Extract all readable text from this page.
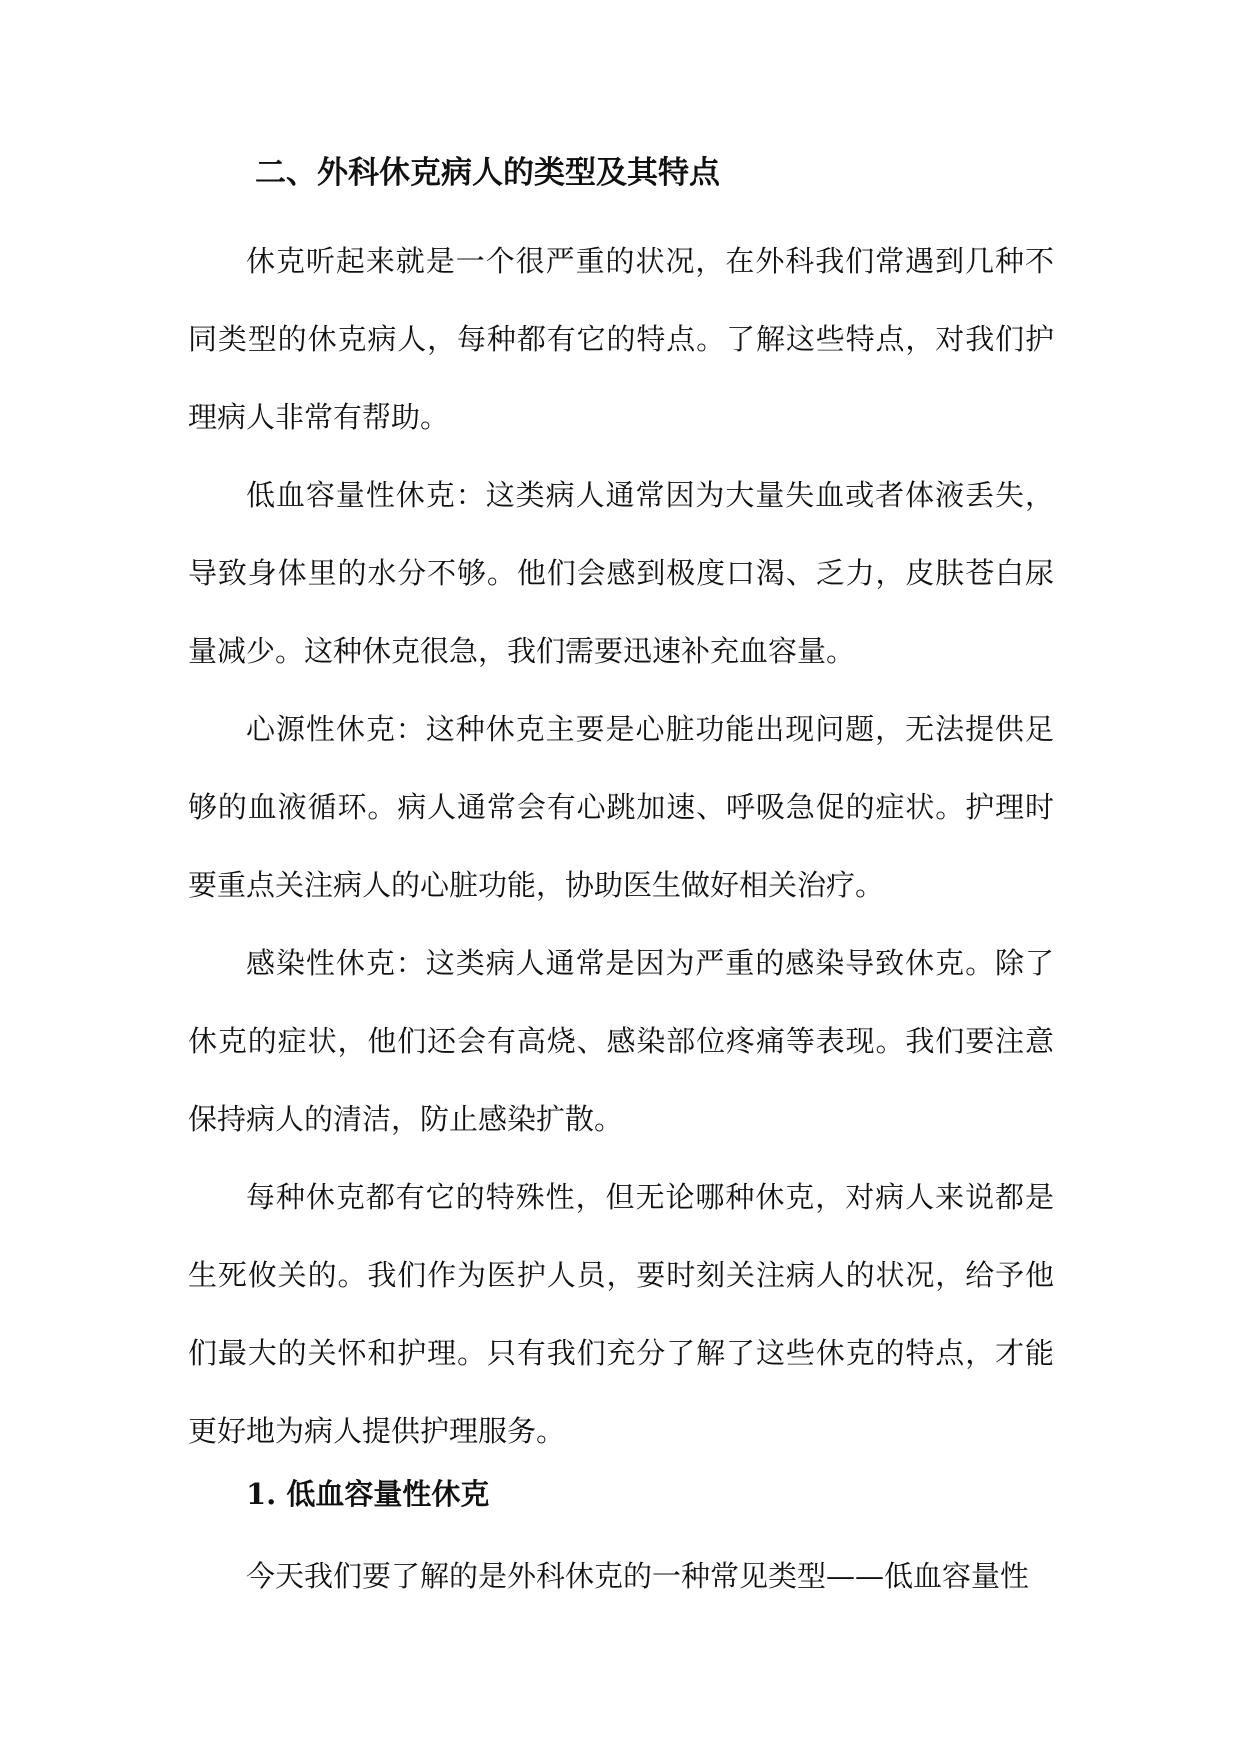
二、外科休克病人的类型及其特点

休克听起来就是一个很严重的状况，在外科我们常遇到几种不同类型的休克病人，每种都有它的特点。了解这些特点，对我们护理病人非常有帮助。

低血容量性休克：这类病人通常因为大量失血或者体液丢失，导致身体里的水分不够。他们会感到极度口渴、乏力，皮肤苍白尿量减少。这种休克很急，我们需要迅速补充血容量。

心源性休克：这种休克主要是心脏功能出现问题，无法提供足够的血液循环。病人通常会有心跳加速、呼吸急促的症状。护理时要重点关注病人的心脏功能，协助医生做好相关治疗。

感染性休克：这类病人通常是因为严重的感染导致休克。除了休克的症状，他们还会有高烧、感染部位疼痛等表现。我们要注意保持病人的清洁，防止感染扩散。

每种休克都有它的特殊性，但无论哪种休克，对病人来说都是生死攸关的。我们作为医护人员，要时刻关注病人的状况，给予他们最大的关怀和护理。只有我们充分了解了这些休克的特点，才能更好地为病人提供护理服务。

1. 低血容量性休克

今天我们要了解的是外科休克的一种常见类型——低血容量性
